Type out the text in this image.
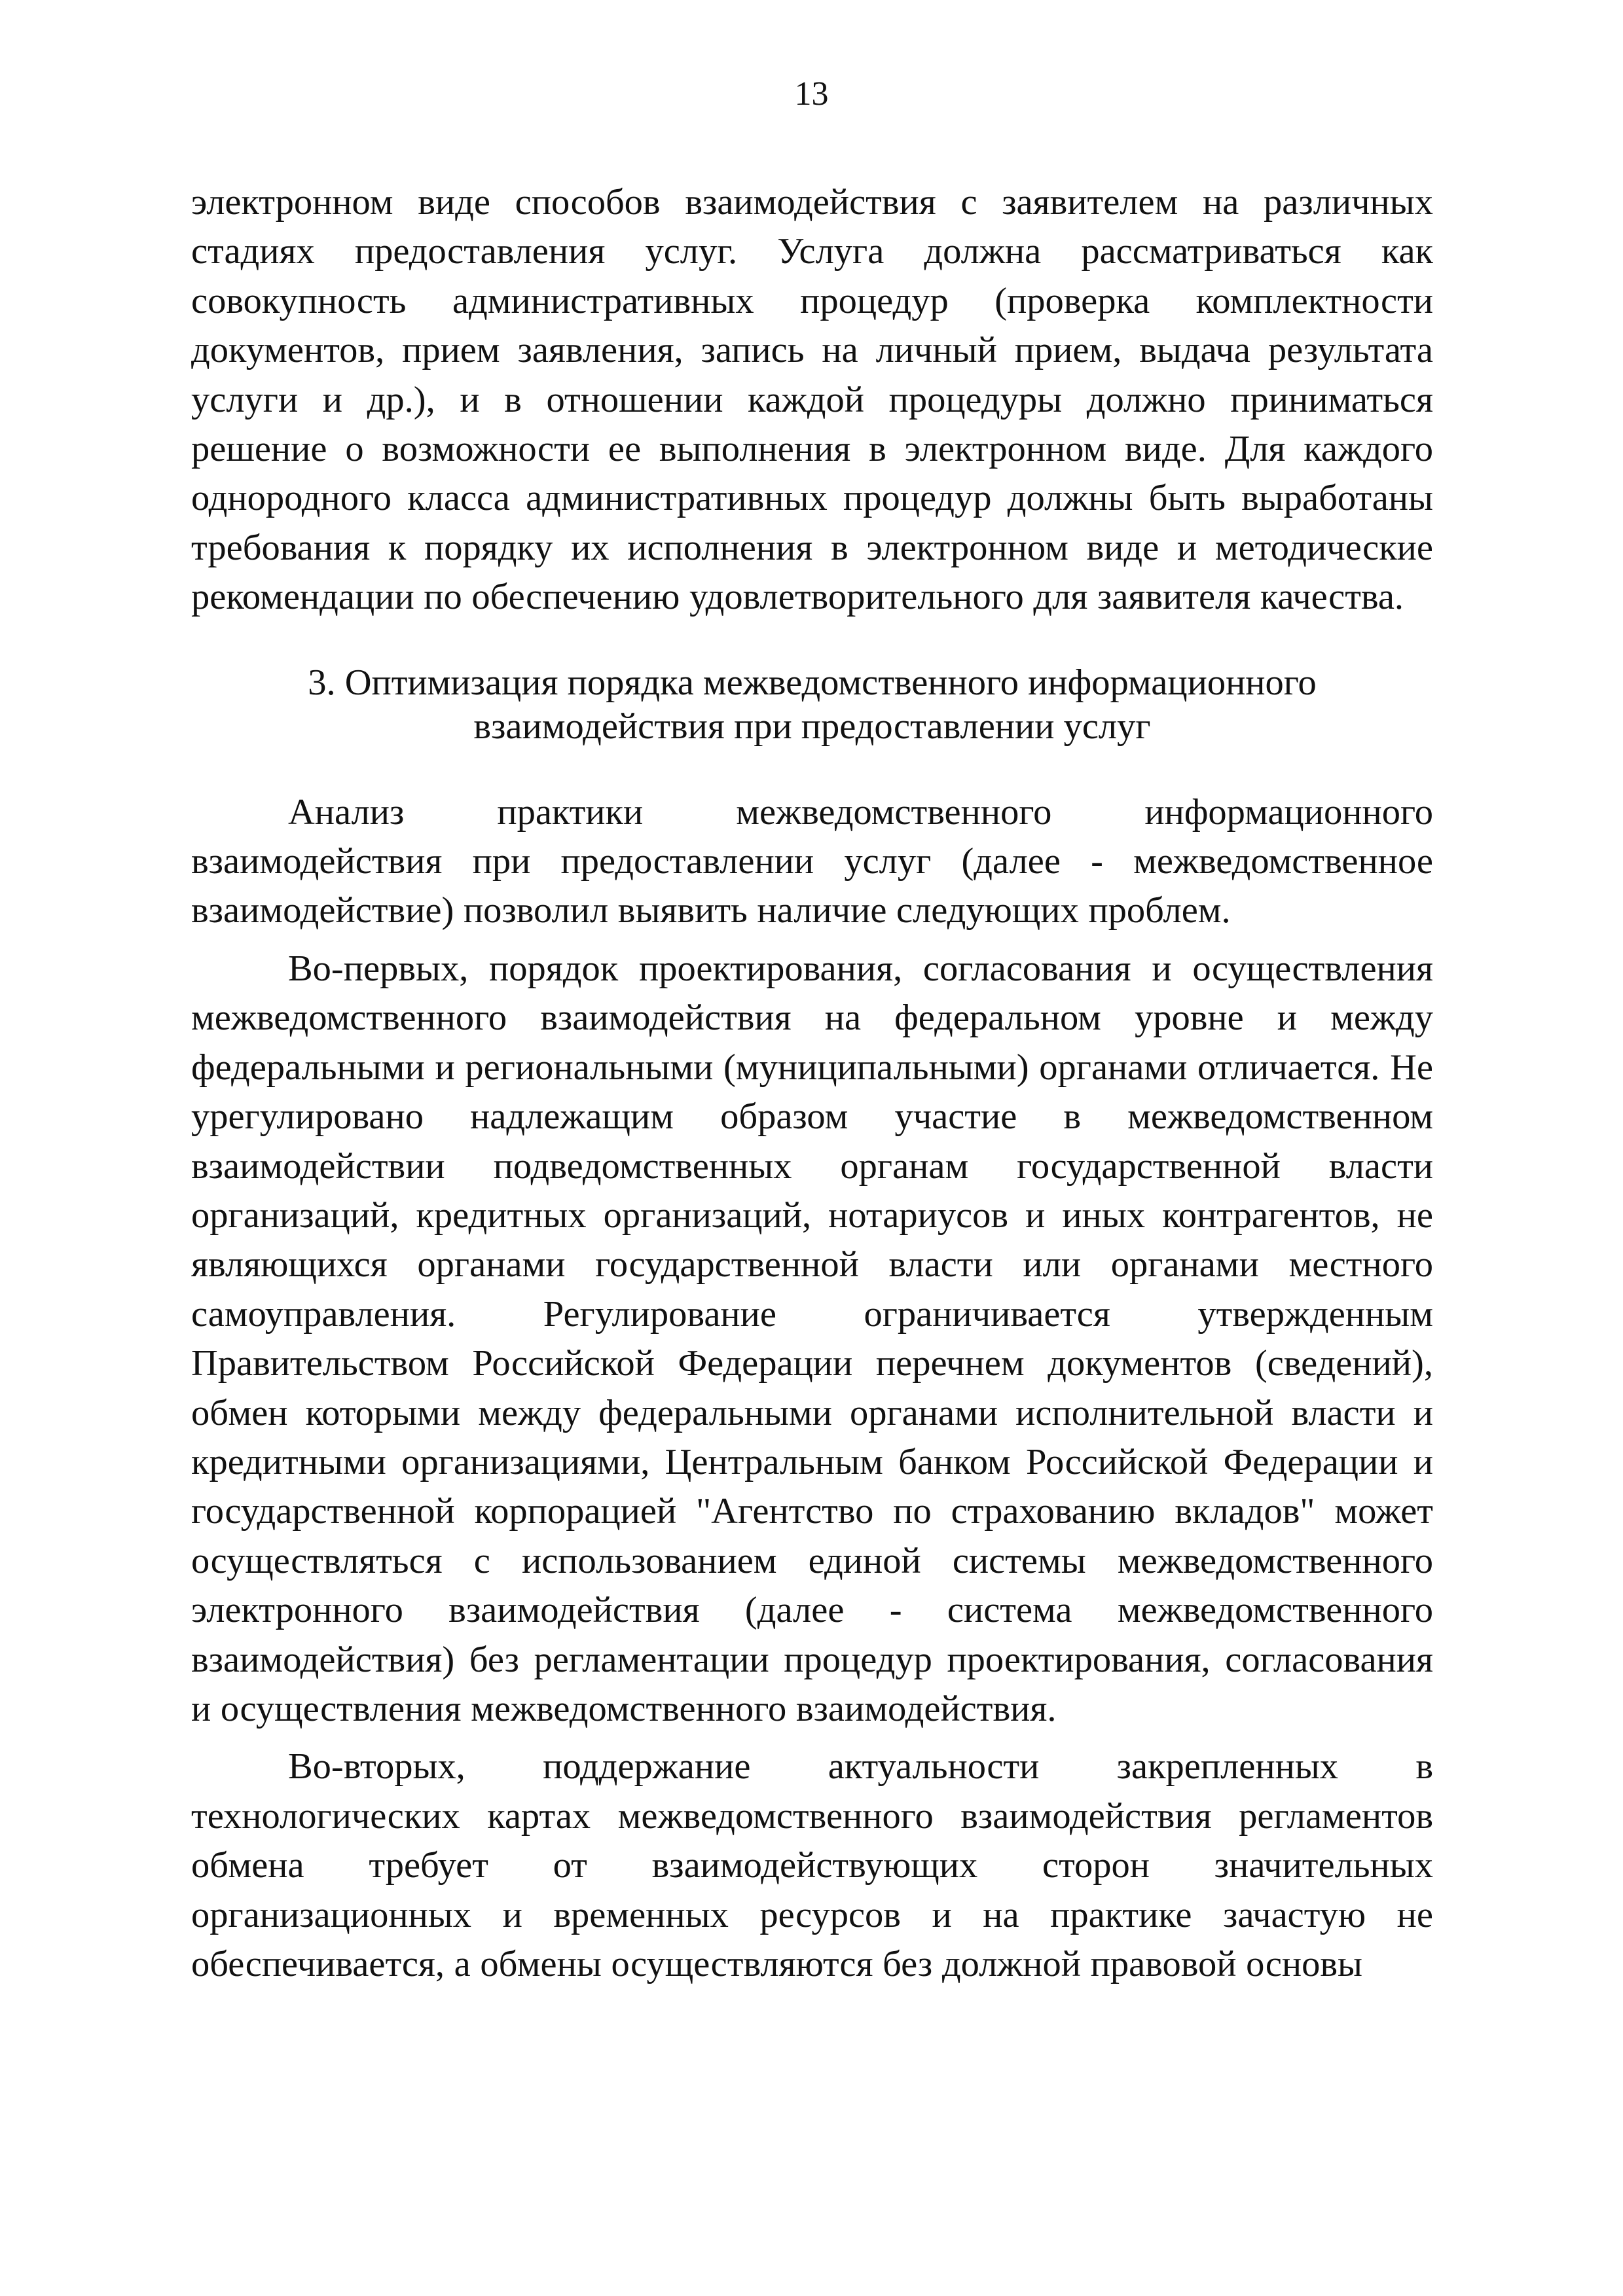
13

электронном виде способов взаимодействия с заявителем на различных стадиях предоставления услуг. Услуга должна рассматриваться как совокупность административных процедур (проверка комплектности документов, прием заявления, запись на личный прием, выдача результата услуги и др.), и в отношении каждой процедуры должно приниматься решение о возможности ее выполнения в электронном виде. Для каждого однородного класса административных процедур должны быть выработаны требования к порядку их исполнения в электронном виде и методические рекомендации по обеспечению удовлетворительного для заявителя качества.

3. Оптимизация порядка межведомственного информационного

взаимодействия при предоставлении услуг

Анализ практики межведомственного информационного взаимодействия при предоставлении услуг (далее - межведомственное взаимодействие) позволил выявить наличие следующих проблем.

Во-первых, порядок проектирования, согласования и осуществления межведомственного взаимодействия на федеральном уровне и между федеральными и региональными (муниципальными) органами отличается. Не урегулировано надлежащим образом участие в межведомственном взаимодействии подведомственных органам государственной власти организаций, кредитных организаций, нотариусов и иных контрагентов, не являющихся органами государственной власти или органами местного самоуправления. Регулирование ограничивается утвержденным Правительством Российской Федерации перечнем документов (сведений), обмен которыми между федеральными органами исполнительной власти и кредитными организациями, Центральным банком Российской Федерации и государственной корпорацией "Агентство по страхованию вкладов" может осуществляться с использованием единой системы межведомственного электронного взаимодействия (далее - система межведомственного взаимодействия) без регламентации процедур проектирования, согласования и осуществления межведомственного взаимодействия.

Во-вторых, поддержание актуальности закрепленных в технологических картах межведомственного взаимодействия регламентов обмена требует от взаимодействующих сторон значительных организационных и временных ресурсов и на практике зачастую не обеспечивается, а обмены осуществляются без должной правовой основы
